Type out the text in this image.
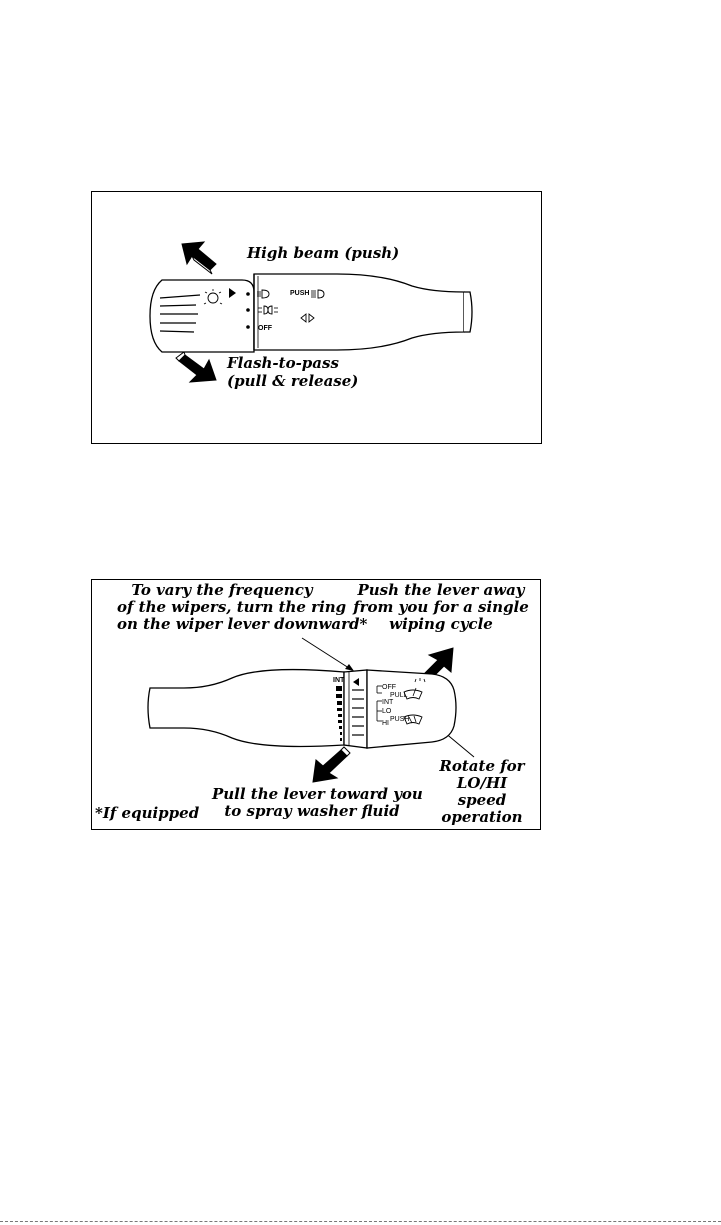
OFF
PUSH
High beam (push)
Flash-to-pass
(pull & release)
INT
OFF
PULL
INT
LO
PUSH
HI
To vary the frequency
of the wipers, turn the ring
on the wiper lever downward*
Push the lever away
from you for a single
wiping cycle
Pull the lever toward you
to spray washer fluid
Rotate for
LO/HI
speed
operation
*If equipped
